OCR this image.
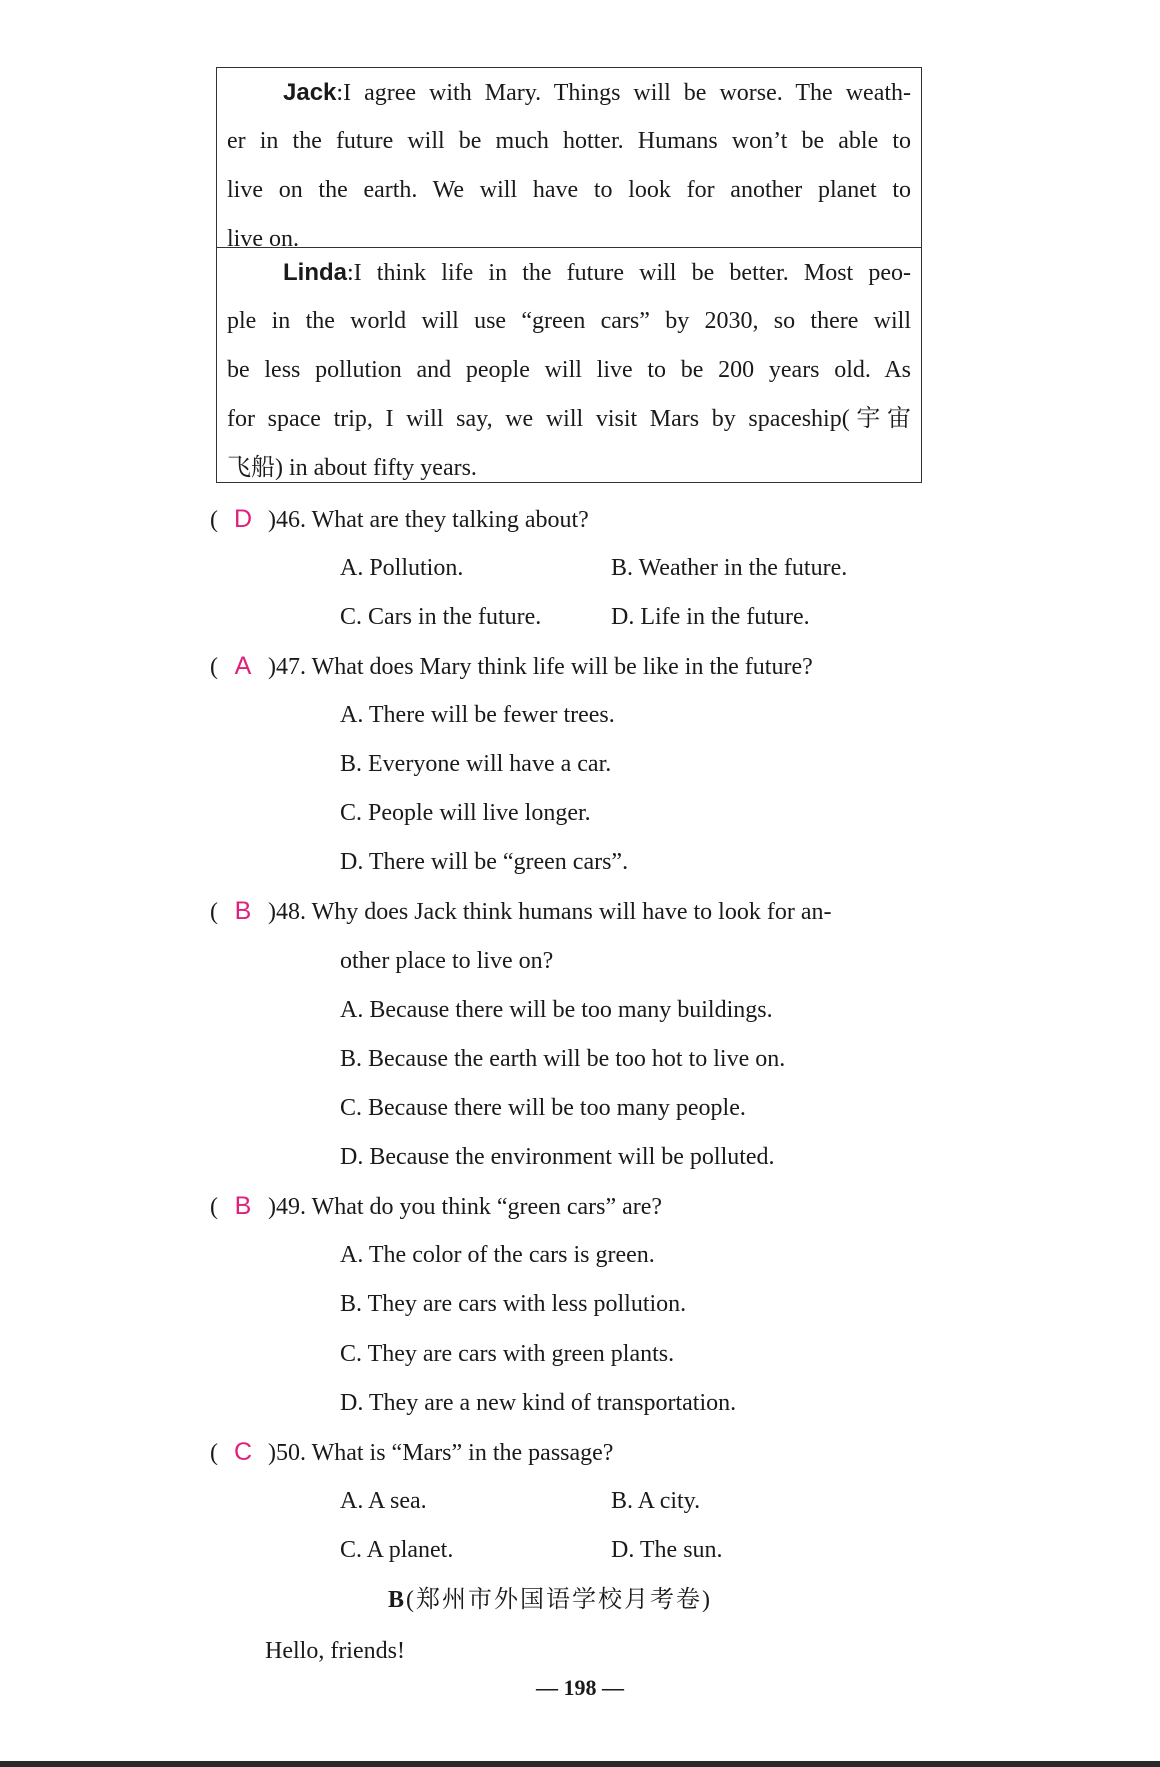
Jack:I agree with Mary. Things will be worse. The weath-
er in the future will be much hotter. Humans won’t be able to
live on the earth. We will have to look for another planet to
live on.
Linda:I think life in the future will be better. Most peo-
ple in the world will use “green cars” by 2030, so there will
be less pollution and people will live to be 200 years old. As
for space trip, I will say, we will visit Mars by spaceship(宇宙
飞船) in about fifty years.
( D )46. What are they talking about?
A. Pollution.	B. Weather in the future.
C. Cars in the future.	D. Life in the future.
( A )47. What does Mary think life will be like in the future?
A. There will be fewer trees.
B. Everyone will have a car.
C. People will live longer.
D. There will be “green cars”.
( B )48. Why does Jack think humans will have to look for an-
other place to live on?
A. Because there will be too many buildings.
B. Because the earth will be too hot to live on.
C. Because there will be too many people.
D. Because the environment will be polluted.
( B )49. What do you think “green cars” are?
A. The color of the cars is green.
B. They are cars with less pollution.
C. They are cars with green plants.
D. They are a new kind of transportation.
( C )50. What is “Mars” in the passage?
A. A sea.	B. A city.
C. A planet.	D. The sun.
B(郑州市外国语学校月考卷)
Hello, friends!
— 198 —
